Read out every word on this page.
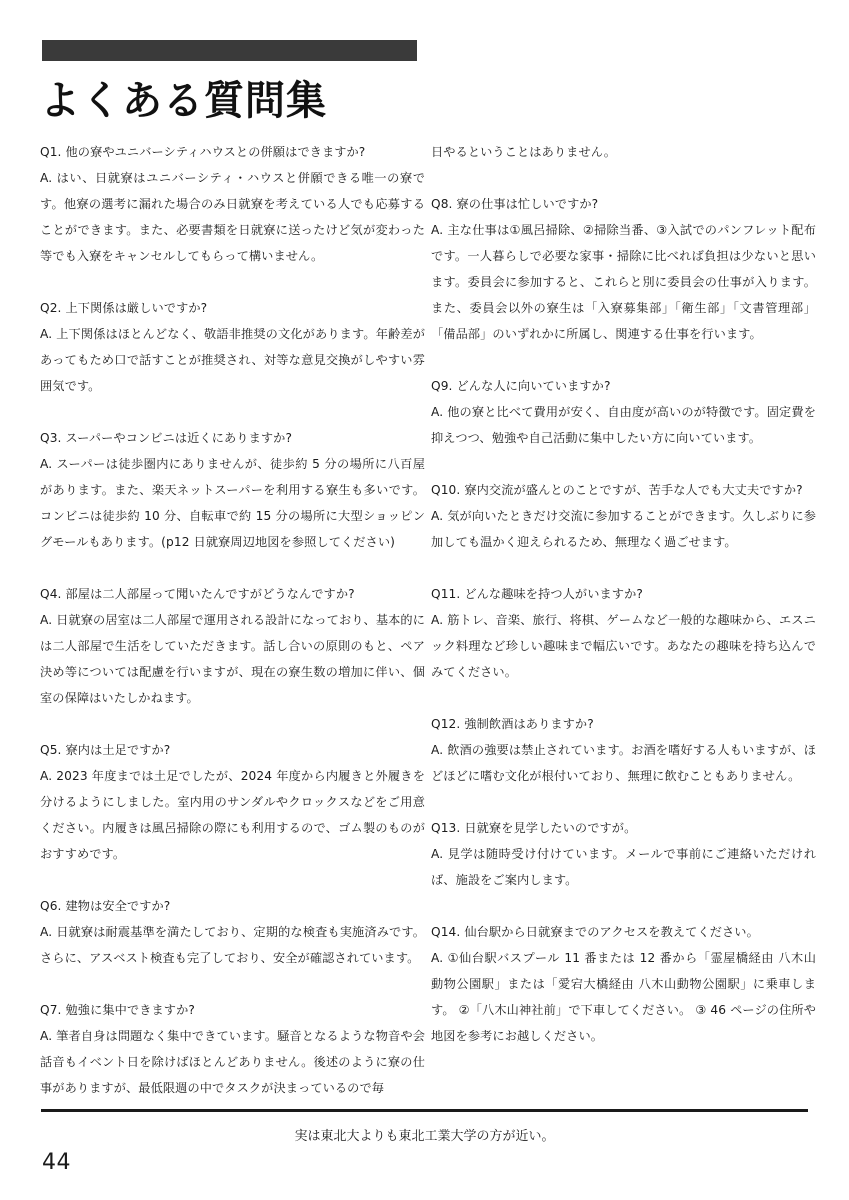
よくある質問集
Q1. 他の寮やユニバーシティハウスとの併願はできますか?
A. はい、日就寮はユニバーシティ・ハウスと併願できる唯一の寮です。他寮の選考に漏れた場合のみ日就寮を考えている人でも応募することができます。また、必要書類を日就寮に送ったけど気が変わった等でも入寮をキャンセルしてもらって構いません。
Q2. 上下関係は厳しいですか?
A. 上下関係はほとんどなく、敬語非推奨の文化があります。年齢差があってもため口で話すことが推奨され、対等な意見交換がしやすい雰囲気です。
Q3. スーパーやコンビニは近くにありますか?
A. スーパーは徒歩圏内にありませんが、徒歩約 5 分の場所に八百屋があります。また、楽天ネットスーパーを利用する寮生も多いです。コンビニは徒歩約 10 分、自転車で約 15 分の場所に大型ショッピングモールもあります。(p12 日就寮周辺地図を参照してください)
Q4. 部屋は二人部屋って聞いたんですがどうなんですか?
A. 日就寮の居室は二人部屋で運用される設計になっており、基本的には二人部屋で生活をしていただきます。話し合いの原則のもと、ペア決め等については配慮を行いますが、現在の寮生数の増加に伴い、個室の保障はいたしかねます。
Q5. 寮内は土足ですか?
A. 2023 年度までは土足でしたが、2024 年度から内履きと外履きを分けるようにしました。室内用のサンダルやクロックスなどをご用意ください。内履きは風呂掃除の際にも利用するので、ゴム製のものがおすすめです。
Q6. 建物は安全ですか?
A. 日就寮は耐震基準を満たしており、定期的な検査も実施済みです。さらに、アスベスト検査も完了しており、安全が確認されています。
Q7. 勉強に集中できますか?
A. 筆者自身は問題なく集中できています。騒音となるような物音や会話音もイベント日を除けばほとんどありません。後述のように寮の仕事がありますが、最低限週の中でタスクが決まっているので毎
日やるということはありません。
Q8. 寮の仕事は忙しいですか?
A. 主な仕事は①風呂掃除、②掃除当番、③入試でのパンフレット配布です。一人暮らしで必要な家事・掃除に比べれば負担は少ないと思います。委員会に参加すると、これらと別に委員会の仕事が入ります。また、委員会以外の寮生は「入寮募集部」「衛生部」「文書管理部」「備品部」のいずれかに所属し、関連する仕事を行います。
Q9. どんな人に向いていますか?
A. 他の寮と比べて費用が安く、自由度が高いのが特徴です。固定費を抑えつつ、勉強や自己活動に集中したい方に向いています。
Q10. 寮内交流が盛んとのことですが、苦手な人でも大丈夫ですか?
A. 気が向いたときだけ交流に参加することができます。久しぶりに参加しても温かく迎えられるため、無理なく過ごせます。
Q11. どんな趣味を持つ人がいますか?
A. 筋トレ、音楽、旅行、将棋、ゲームなど一般的な趣味から、エスニック料理など珍しい趣味まで幅広いです。あなたの趣味を持ち込んでみてください。
Q12. 強制飲酒はありますか?
A. 飲酒の強要は禁止されています。お酒を嗜好する人もいますが、ほどほどに嗜む文化が根付いており、無理に飲むこともありません。
Q13. 日就寮を見学したいのですが。
A. 見学は随時受け付けています。メールで事前にご連絡いただければ、施設をご案内します。
Q14. 仙台駅から日就寮までのアクセスを教えてください。
A. ①仙台駅バスプール 11 番または 12 番から「霊屋橋経由 八木山動物公園駅」または「愛宕大橋経由 八木山動物公園駅」に乗車します。 ②「八木山神社前」で下車してください。 ③ 46 ページの住所や地図を参考にお越しください。
実は東北大よりも東北工業大学の方が近い。
44
